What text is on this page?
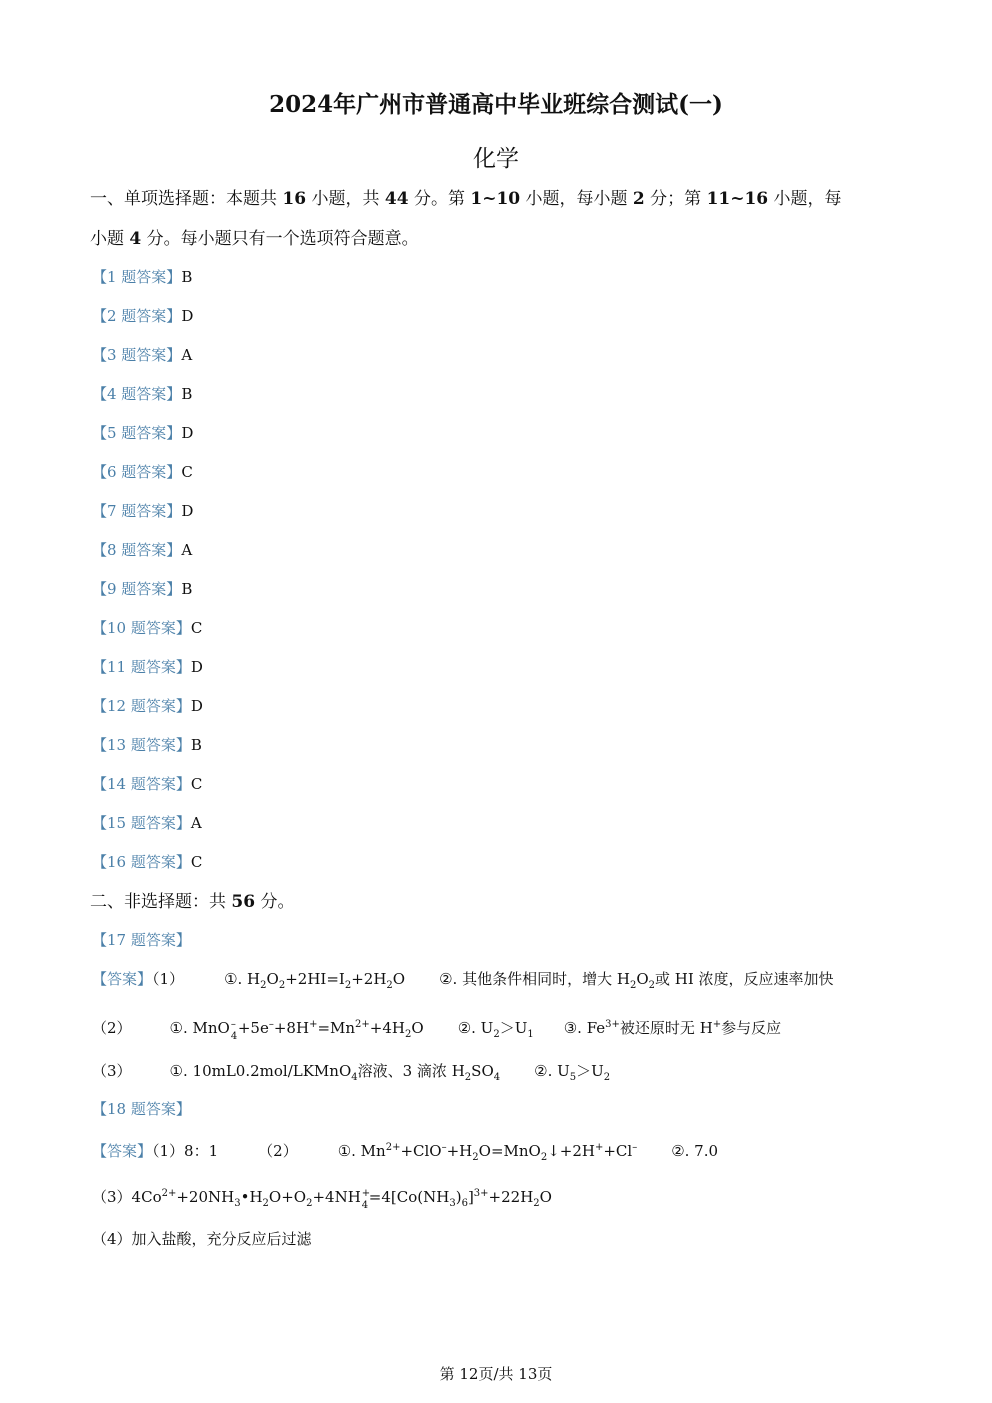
2024年广州市普通高中毕业班综合测试(一)
化学
一、单项选择题：本题共 16 小题，共 44 分。第 1~10 小题，每小题 2 分；第 11~16 小题，每
小题 4 分。每小题只有一个选项符合题意。
【1 题答案】B
【2 题答案】D
【3 题答案】A
【4 题答案】B
【5 题答案】D
【6 题答案】C
【7 题答案】D
【8 题答案】A
【9 题答案】B
【10 题答案】C
【11 题答案】D
【12 题答案】D
【13 题答案】B
【14 题答案】C
【15 题答案】A
【16 题答案】C
二、非选择题：共 56 分。
【17 题答案】
【答案】（1）	①. $H_2O_2+2HI=I_2+2H_2O$ ②. 其他条件相同时，增大 $H_2O_2$或 HI 浓度，反应速率加快
（2）	①. MnO –
$4 +5e^-+8H^+=Mn^{2+}+4H_2O$ ②. $U_2>U_1$ ③. $Fe^{3+}$被还原时无 H+参与反应
（3）	①. 10mL0.2mol/LKMnO$_4$溶液、3 滴浓 $H_2SO_4$ ②. $U_5>U_2$
【18 题答案】
【答案】（1）8：1	（2）	①. $Mn^{2+}+ClO^-+H_2O=MnO_2↓+2H^++Cl^-$ ②. 7.0
$(3)4Co^{2+}+20NH_3•H_2O+O_2+4NH$ +
$4 =4[Co(NH_3)_6]^{3+}+22H_2O$
（4）加入盐酸，充分反应后过滤
第 12页/共 13页
